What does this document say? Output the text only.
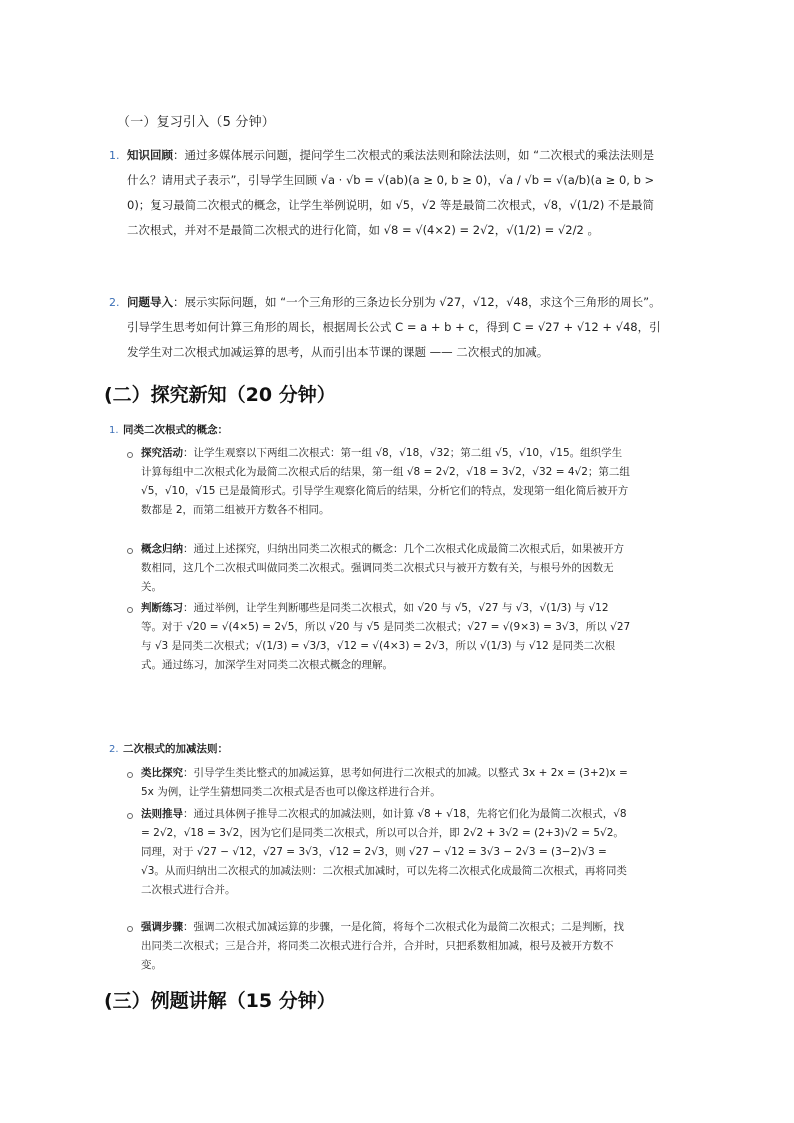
（一）复习引入（5 分钟）
1. 知识回顾：通过多媒体展示问题，提问学生二次根式的乘法法则和除法法则，如 “二次根式的乘法法则是什么？请用式子表示”，引导学生回顾 √a · √b = √(ab)(a ≥ 0, b ≥ 0)，√a / √b = √(a/b)(a ≥ 0, b > 0)；复习最简二次根式的概念，让学生举例说明，如 √5，√2 等是最简二次根式，√8，√(1/2) 不是最简二次根式，并对不是最简二次根式的进行化简，如 √8 = √(4×2) = 2√2，√(1/2) = √2/2 。
2. 问题导入：展示实际问题，如 “一个三角形的三条边长分别为 √27，√12，√48，求这个三角形的周长”。引导学生思考如何计算三角形的周长，根据周长公式 C = a + b + c，得到 C = √27 + √12 + √48，引发学生对二次根式加减运算的思考，从而引出本节课的课题 —— 二次根式的加减。
(二）探究新知（20 分钟）
1. 同类二次根式的概念：
探究活动：让学生观察以下两组二次根式：第一组 √8，√18，√32；第二组 √5，√10，√15。组织学生计算每组中二次根式化为最简二次根式后的结果，第一组 √8 = 2√2，√18 = 3√2，√32 = 4√2；第二组 √5，√10，√15 已是最简形式。引导学生观察化简后的结果，分析它们的特点，发现第一组化简后被开方数都是 2，而第二组被开方数各不相同。
概念归纳：通过上述探究，归纳出同类二次根式的概念：几个二次根式化成最简二次根式后，如果被开方数相同，这几个二次根式叫做同类二次根式。强调同类二次根式只与被开方数有关，与根号外的因数无关。
判断练习：通过举例，让学生判断哪些是同类二次根式，如 √20 与 √5，√27 与 √3，√(1/3) 与 √12 等。对于 √20 = √(4×5) = 2√5，所以 √20 与 √5 是同类二次根式；√27 = √(9×3) = 3√3，所以 √27 与 √3 是同类二次根式；√(1/3) = √3/3，√12 = √(4×3) = 2√3，所以 √(1/3) 与 √12 是同类二次根式。通过练习，加深学生对同类二次根式概念的理解。
2. 二次根式的加减法则：
类比探究：引导学生类比整式的加减运算，思考如何进行二次根式的加减。以整式 3x + 2x = (3+2)x = 5x 为例，让学生猜想同类二次根式是否也可以像这样进行合并。
法则推导：通过具体例子推导二次根式的加减法则，如计算 √8 + √18，先将它们化为最简二次根式，√8 = 2√2，√18 = 3√2，因为它们是同类二次根式，所以可以合并，即 2√2 + 3√2 = (2+3)√2 = 5√2。同理，对于 √27 − √12，√27 = 3√3，√12 = 2√3，则 √27 − √12 = 3√3 − 2√3 = (3−2)√3 = √3。从而归纳出二次根式的加减法则：二次根式加减时，可以先将二次根式化成最简二次根式，再将同类二次根式进行合并。
强调步骤：强调二次根式加减运算的步骤，一是化简，将每个二次根式化为最简二次根式；二是判断，找出同类二次根式；三是合并，将同类二次根式进行合并，合并时，只把系数相加减，根号及被开方数不变。
(三）例题讲解（15 分钟）
